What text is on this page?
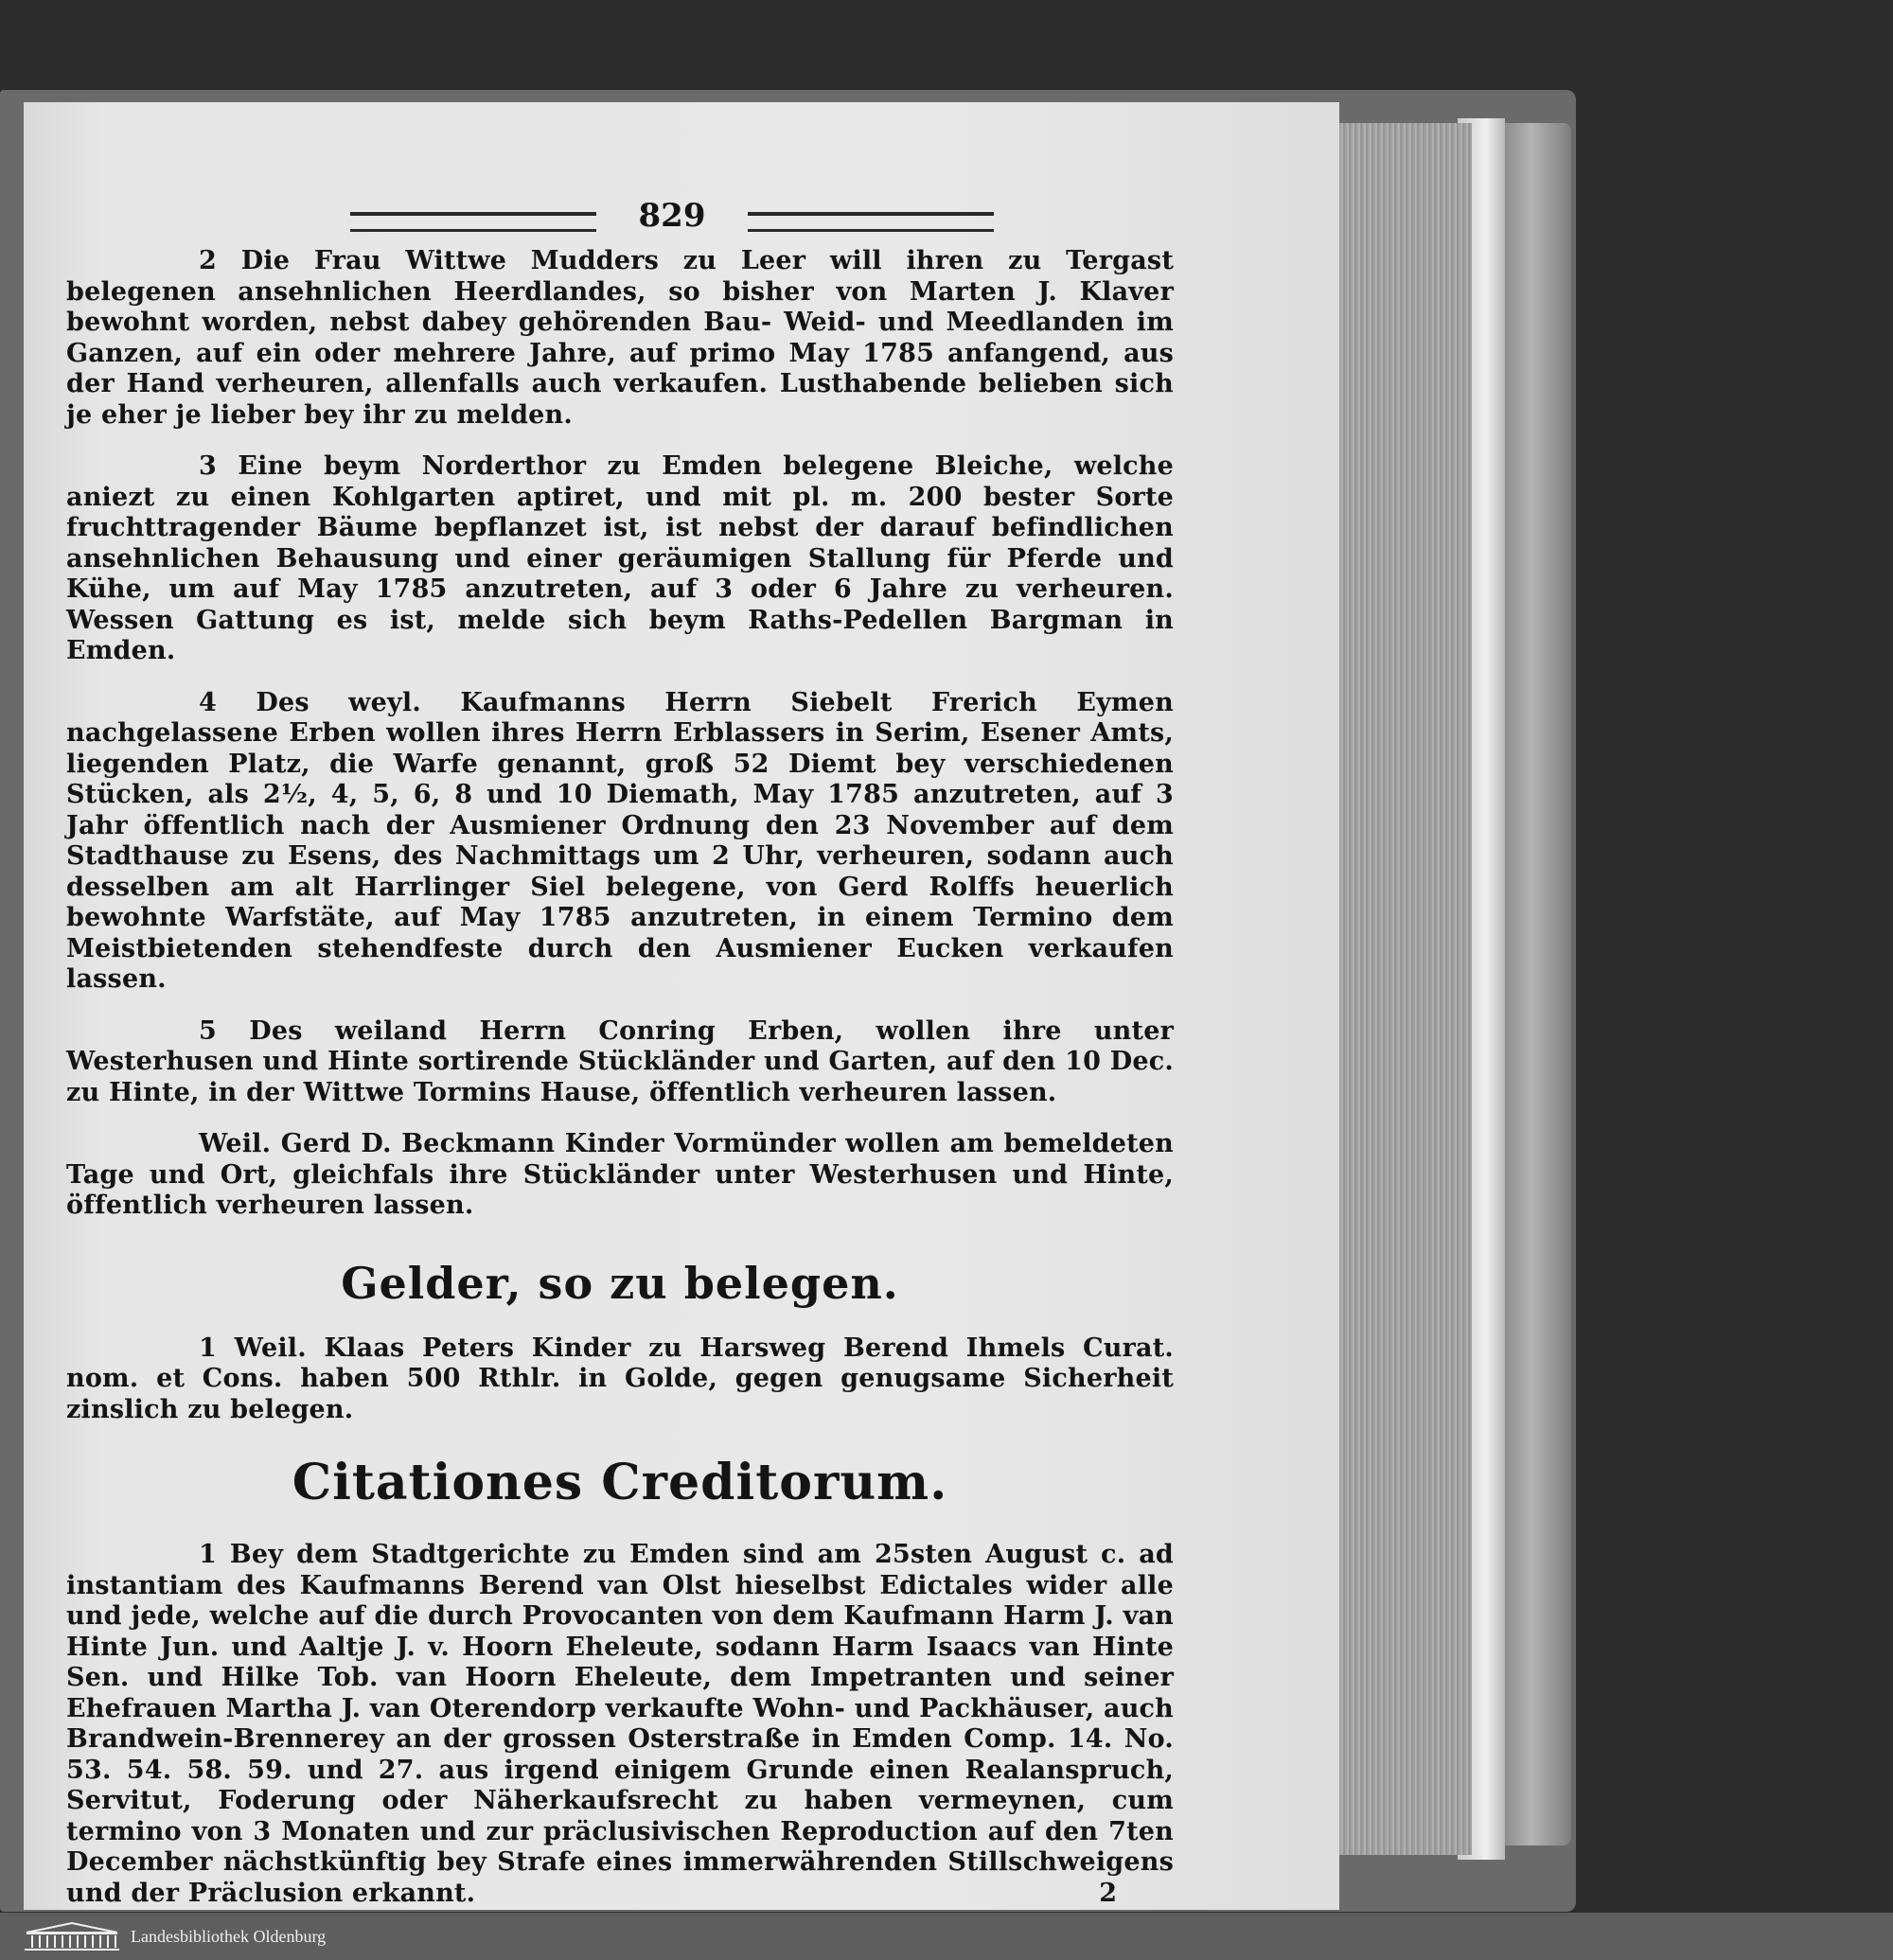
829

2 Die Frau Wittwe Mudders zu Leer will ihren zu Tergast belegenen ansehnlichen Heerdlandes, so bisher von Marten J. Klaver bewohnt worden, nebst dabey gehörenden Bau- Weid- und Meedlanden im Ganzen, auf ein oder mehrere Jahre, auf primo May 1785 anfangend, aus der Hand verheuren, allenfalls auch verkaufen. Lusthabende belieben sich je eher je lieber bey ihr zu melden.

3 Eine beym Norderthor zu Emden belegene Bleiche, welche aniezt zu einen Kohlgarten aptiret, und mit pl. m. 200 bester Sorte fruchttragender Bäume bepflanzet ist, ist nebst der darauf befindlichen ansehnlichen Behausung und einer geräumigen Stallung für Pferde und Kühe, um auf May 1785 anzutreten, auf 3 oder 6 Jahre zu verheuren. Wessen Gattung es ist, melde sich beym Raths-Pedellen Bargman in Emden.

4 Des weyl. Kaufmanns Herrn Siebelt Frerich Eymen nachgelassene Erben wollen ihres Herrn Erblassers in Serim, Esener Amts, liegenden Platz, die Warfe genannt, groß 52 Diemt bey verschiedenen Stücken, als 2½, 4, 5, 6, 8 und 10 Diemath, May 1785 anzutreten, auf 3 Jahr öffentlich nach der Ausmiener Ordnung den 23 November auf dem Stadthause zu Esens, des Nachmittags um 2 Uhr, verheuren, sodann auch desselben am alt Harrlinger Siel belegene, von Gerd Rolffs heuerlich bewohnte Warfstäte, auf May 1785 anzutreten, in einem Termino dem Meistbietenden stehendfeste durch den Ausmiener Eucken verkaufen lassen.

5 Des weiland Herrn Conring Erben, wollen ihre unter Westerhusen und Hinte sortirende Stückländer und Garten, auf den 10 Dec. zu Hinte, in der Wittwe Tormins Hause, öffentlich verheuren lassen.

Weil. Gerd D. Beckmann Kinder Vormünder wollen am bemeldeten Tage und Ort, gleichfals ihre Stückländer unter Westerhusen und Hinte, öffentlich verheuren lassen.

Gelder, so zu belegen.

1 Weil. Klaas Peters Kinder zu Harsweg Berend Ihmels Curat. nom. et Cons. haben 500 Rthlr. in Golde, gegen genugsame Sicherheit zinslich zu belegen.

Citationes Creditorum.

1 Bey dem Stadtgerichte zu Emden sind am 25sten August c. ad instantiam des Kaufmanns Berend van Olst hieselbst Edictales wider alle und jede, welche auf die durch Provocanten von dem Kaufmann Harm J. van Hinte Jun. und Aaltje J. v. Hoorn Eheleute, sodann Harm Isaacs van Hinte Sen. und Hilke Tob. van Hoorn Eheleute, dem Impetranten und seiner Ehefrauen Martha J. van Oterendorp verkaufte Wohn- und Packhäuser, auch Brandwein-Brennerey an der grossen Osterstraße in Emden Comp. 14. No. 53. 54. 58. 59. und 27. aus irgend einigem Grunde einen Realanspruch, Servitut, Foderung oder Näherkaufsrecht zu haben vermeynen, cum termino von 3 Monaten und zur präclusivischen Reproduction auf den 7ten December nächstkünftig bey Strafe eines immerwährenden Stillschweigens und der Präclusion erkannt.	2
Landesbibliothek Oldenburg
